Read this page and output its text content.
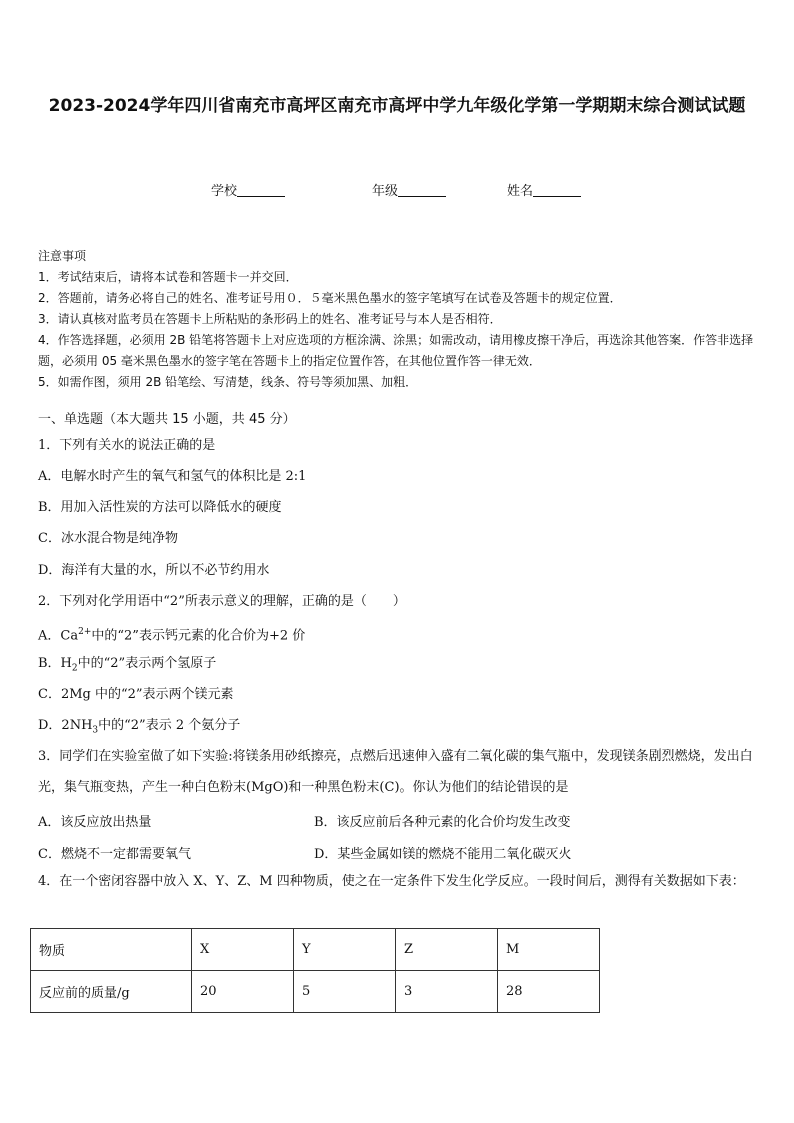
2023-2024学年四川省南充市高坪区南充市高坪中学九年级化学第一学期期末综合测试试题
学校	年级	姓名

注意事项

1．考试结束后，请将本试卷和答题卡一并交回．

2．答题前，请务必将自己的姓名、准考证号用０．５毫米黑色墨水的签字笔填写在试卷及答题卡的规定位置．

3．请认真核对监考员在答题卡上所粘贴的条形码上的姓名、准考证号与本人是否相符．

4．作答选择题，必须用 2B 铅笔将答题卡上对应选项的方框涂满、涂黑；如需改动，请用橡皮擦干净后，再选涂其他答案．作答非选择题，必须用 05 毫米黑色墨水的签字笔在答题卡上的指定位置作答，在其他位置作答一律无效．

5．如需作图，须用 2B 铅笔绘、写清楚，线条、符号等须加黑、加粗．

一、单选题（本大题共 15 小题，共 45 分）
1．下列有关水的说法正确的是
A．电解水时产生的氧气和氢气的体积比是 2:1
B．用加入活性炭的方法可以降低水的硬度
C．冰水混合物是纯净物
D．海洋有大量的水，所以不必节约用水
2．下列对化学用语中“2”所表示意义的理解，正确的是（　　）
A．$Ca^{2+}$中的“2”表示钙元素的化合价为+2 价
B．$H_2$中的“2”表示两个氢原子
C．2Mg 中的“2”表示两个镁元素
D．$2NH_3$中的“2”表示 2 个氨分子
3．同学们在实验室做了如下实验:将镁条用砂纸擦亮，点燃后迅速伸入盛有二氧化碳的集气瓶中，发现镁条剧烈燃烧，发出白光，集气瓶变热，产生一种白色粉末(MgO)和一种黑色粉末(C)。你认为他们的结论错误的是
A．该反应放出热量	B．该反应前后各种元素的化合价均发生改变
C．燃烧不一定都需要氧气	D．某些金属如镁的燃烧不能用二氧化碳灭火
4．在一个密闭容器中放入 X、Y、Z、M 四种物质，使之在一定条件下发生化学反应。一段时间后，测得有关数据如下表：
物质	X	Y	Z	M
反应前的质量/g	20	5	3	28
